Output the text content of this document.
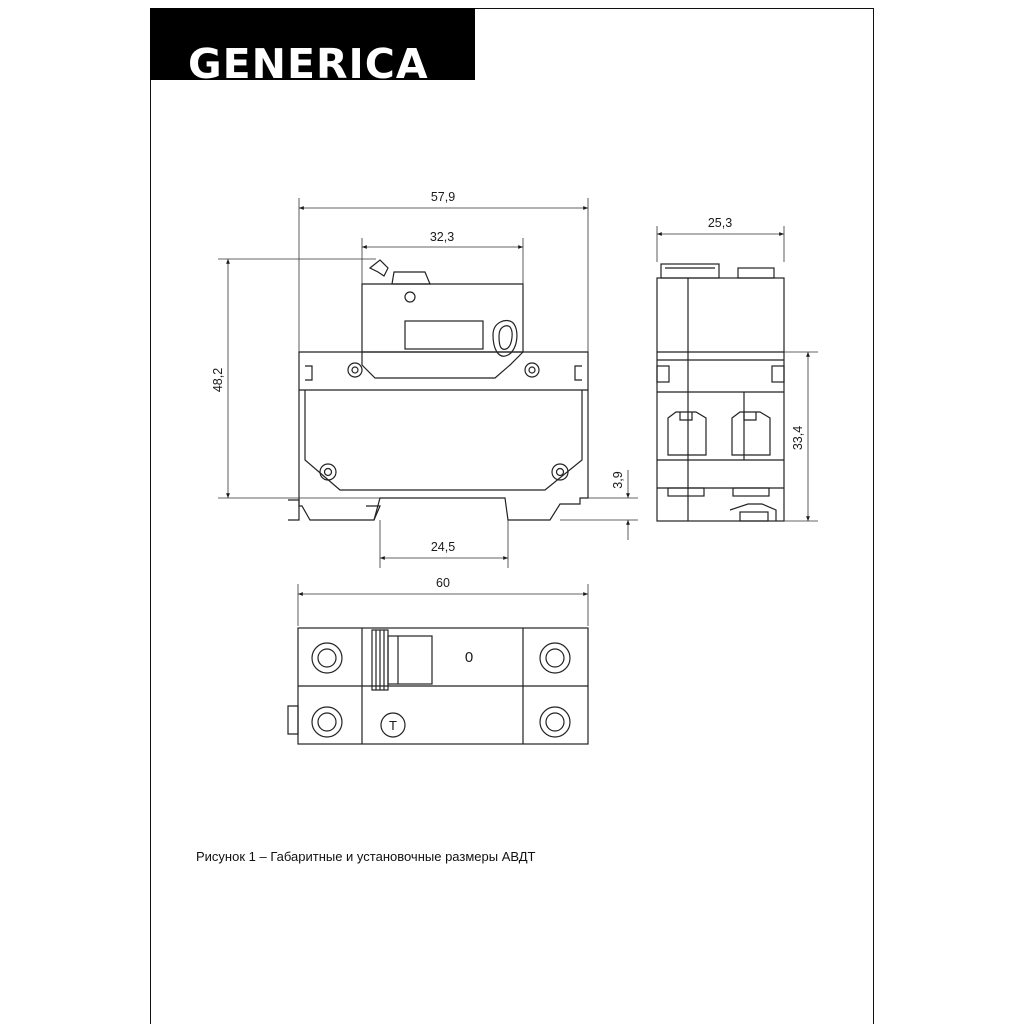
GENERICA
57,9
32,3
48,2
3,9
24,5
25,3
33,4
60
0
T
Рисунок 1 – Габаритные и установочные размеры АВДТ
